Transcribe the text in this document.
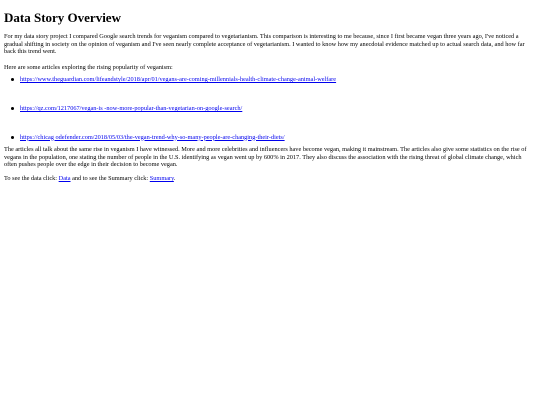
Data Story Overview

For my data story project I compared Google search trends for veganism compared to vegetarianism. This comparison is interesting to me because, since I first became vegan three years ago, I've noticed a gradual shifting in society on the opinion of veganism and I've seen nearly complete acceptance of vegetarianism. I wanted to know how my anecdotal evidence matched up to actual search data, and how far back this trend went.

Here are some articles exploring the rising popularity of veganism:

https://www.theguardian.com/lifeandstyle/2018/apr/01/vegans-are-coming-millennials-health-climate-change-animal-welfare
https://qz.com/1217067/vegan-is -now-more-popular-than-vegetarian-on-google-search/
https://chicag odefender.com/2018/05/03/the-vegan-trend-why-so-many-people-are-changing-their-diets/

The articles all talk about the same rise in veganism I have witnessed. More and more celebrities and influencers have become vegan, making it mainstream. The articles also give some statistics on the rise of vegans in the population, one stating the number of people in the U.S. identifying as vegan went up by 600% in 2017. They also discuss the association with the rising threat of global climate change, which often pushes people over the edge in their decision to become vegan.

To see the data click: Data and to see the Summary click: Summary.
